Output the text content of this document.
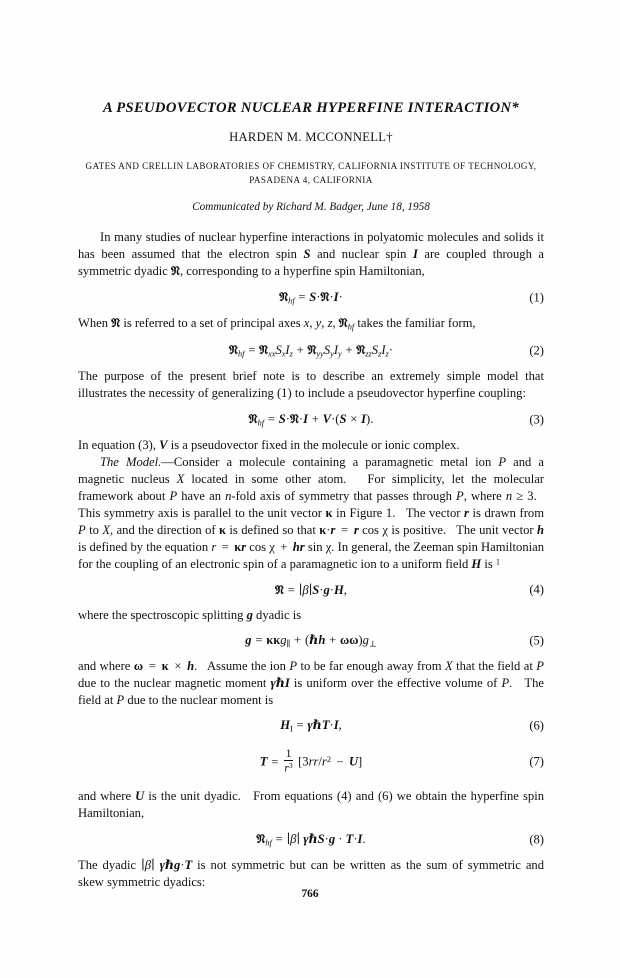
A PSEUDOVECTOR NUCLEAR HYPERFINE INTERACTION*
HARDEN M. MCCONNELL†
GATES AND CRELLIN LABORATORIES OF CHEMISTRY, CALIFORNIA INSTITUTE OF TECHNOLOGY,
PASADENA 4, CALIFORNIA
Communicated by Richard M. Badger, June 18, 1958

In many studies of nuclear hyperfine interactions in polyatomic molecules and solids it has been assumed that the electron spin S and nuclear spin I are coupled through a symmetric dyadic 𝔑, corresponding to a hyperfine spin Hamiltonian,

𝔑$_{hf}$ = S·𝔑·I·	(1)

When 𝔑 is referred to a set of principal axes x, y, z, 𝔑$_{hf}$ takes the familiar form,

𝔑$_{hf}$ = $𝔑_{xx}S_xI_z$ + $𝔑_{yy}S_yI_y$ + $𝔑_{zz}S_zI_z\cdot$	(2)

The purpose of the present brief note is to describe an extremely simple model that illustrates the necessity of generalizing (1) to include a pseudovector hyperfine coupling:

𝔑$_{hf}$ = S·𝔑·I + V·(S × I).	(3)

In equation (3), V is a pseudovector fixed in the molecule or ionic complex.

The Model.—Consider a molecule containing a paramagnetic metal ion P and a magnetic nucleus X located in some other atom.   For simplicity, let the molecular framework about P have an n-fold axis of symmetry that passes through P, where n ≥ 3.   This symmetry axis is parallel to the unit vector κ in Figure 1.   The vector r is drawn from P to X, and the direction of κ is defined so that κ·r = r cos χ is positive.   The unit vector h is defined by the equation r = κr cos χ + hr sin χ. In general, the Zeeman spin Hamiltonian for the coupling of an electronic spin of a paramagnetic ion to a uniform field H is $^1$

𝔑 = ∣β∣S·g·H,	(4)

where the spectroscopic splitting g dyadic is

g = κκg$_\parallel$ + (ℏh + $\omega\omega)g_\perp$	(5)

and where ω = κ × h.   Assume the ion P to be far enough away from X that the field at P due to the nuclear magnetic moment γℏI is uniform over the effective volume of P.   The field at P due to the nuclear moment is

$H_I$ = γℏT·I,	(6)
$T = \frac{1}{r^3} [3rr/r^2 - U]$	(7)

and where U is the unit dyadic.   From equations (4) and (6) we obtain the hyperfine spin Hamiltonian,

𝔑$_{hf}$ = ∣β∣ γℏS·g · T·I.	(8)

The dyadic ∣β∣ γℏg·T is not symmetric but can be written as the sum of symmetric and skew symmetric dyadics:

766
